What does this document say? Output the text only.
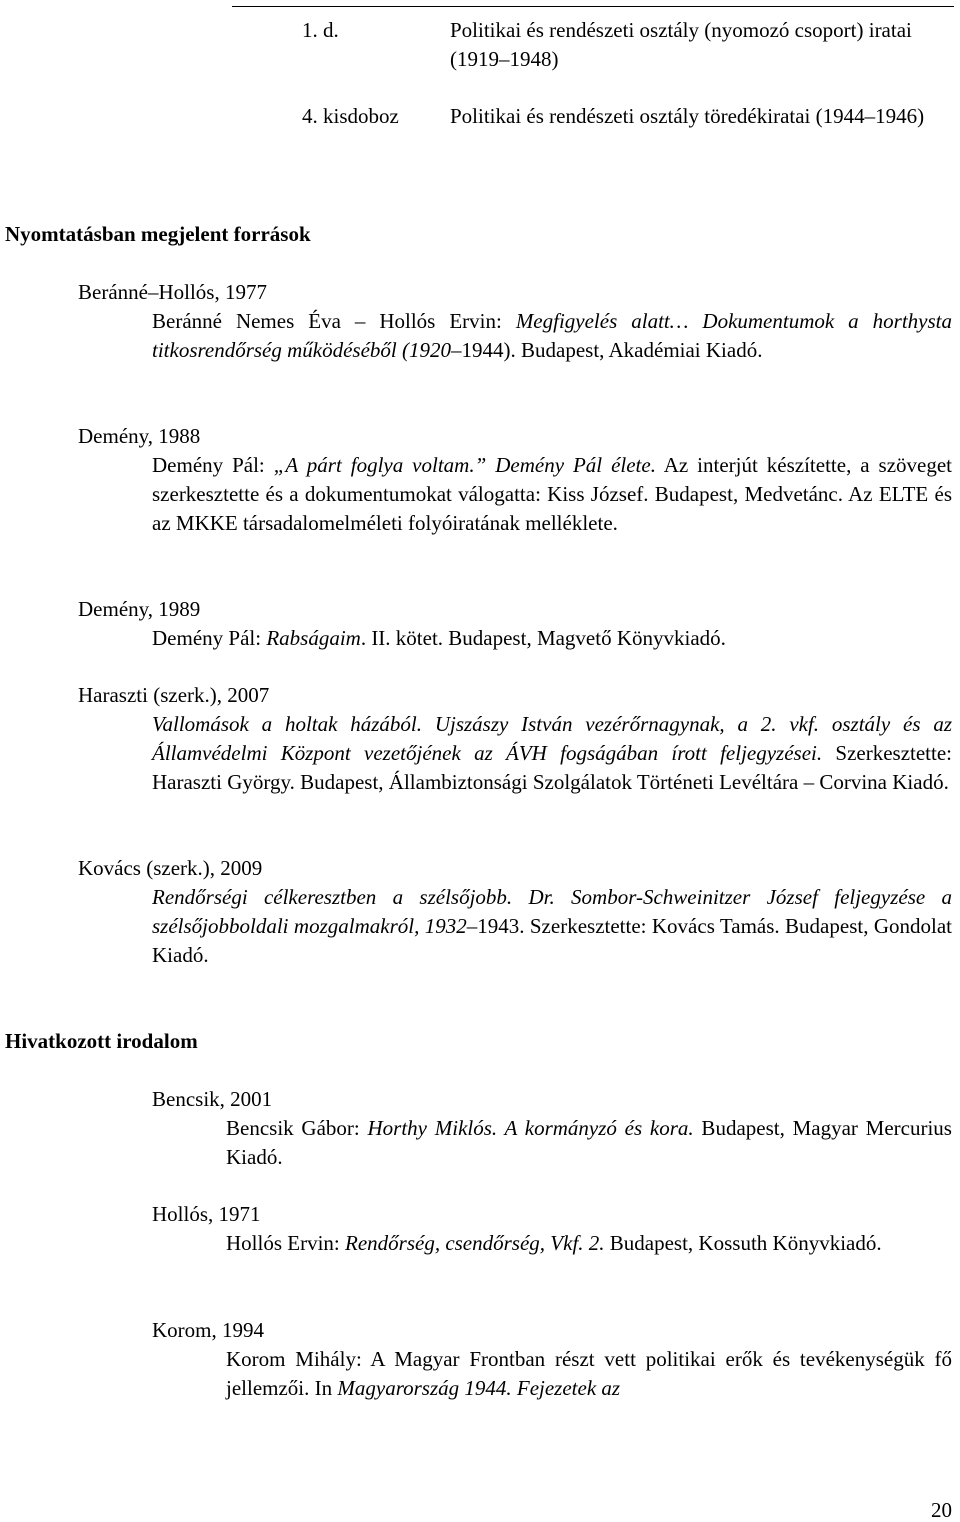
1. d.	Politikai és rendészeti osztály (nyomozó csoport) iratai (1919–1948)
4. kisdoboz Politikai és rendészeti osztály töredékiratai (1944–1946)
Nyomtatásban megjelent források
Beránné–Hollós, 1977
Beránné Nemes Éva – Hollós Ervin: Megfigyelés alatt… Dokumentumok a horthysta titkosrendőrség működéséből (1920–1944). Budapest, Akadémiai Kiadó.
Demény, 1988
Demény Pál: „A párt foglya voltam.” Demény Pál élete. Az interjút készítette, a szöveget szerkesztette és a dokumentumokat válogatta: Kiss József. Budapest, Medvetánc. Az ELTE és az MKKE társadalomelméleti folyóiratának melléklete.
Demény, 1989
Demény Pál: Rabságaim. II. kötet. Budapest, Magvető Könyvkiadó.
Haraszti (szerk.), 2007
Vallomások a holtak házából. Ujszászy István vezérőrnagynak, a 2. vkf. osztály és az Államvédelmi Központ vezetőjének az ÁVH fogságában írott feljegyzései. Szerkesztette: Haraszti György. Budapest, Állambiztonsági Szolgálatok Történeti Levéltára – Corvina Kiadó.
Kovács (szerk.), 2009
Rendőrségi célkeresztben a szélsőjobb. Dr. Sombor-Schweinitzer József feljegyzése a szélsőjobboldali mozgalmakról, 1932–1943. Szerkesztette: Kovács Tamás. Budapest, Gondolat Kiadó.
Hivatkozott irodalom
Bencsik, 2001
Bencsik Gábor: Horthy Miklós. A kormányzó és kora. Budapest, Magyar Mercurius Kiadó.
Hollós, 1971
Hollós Ervin: Rendőrség, csendőrség, Vkf. 2. Budapest, Kossuth Könyvkiadó.
Korom, 1994
Korom Mihály: A Magyar Frontban részt vett politikai erők és tevékenységük fő jellemzői. In Magyarország 1944. Fejezetek az
20
